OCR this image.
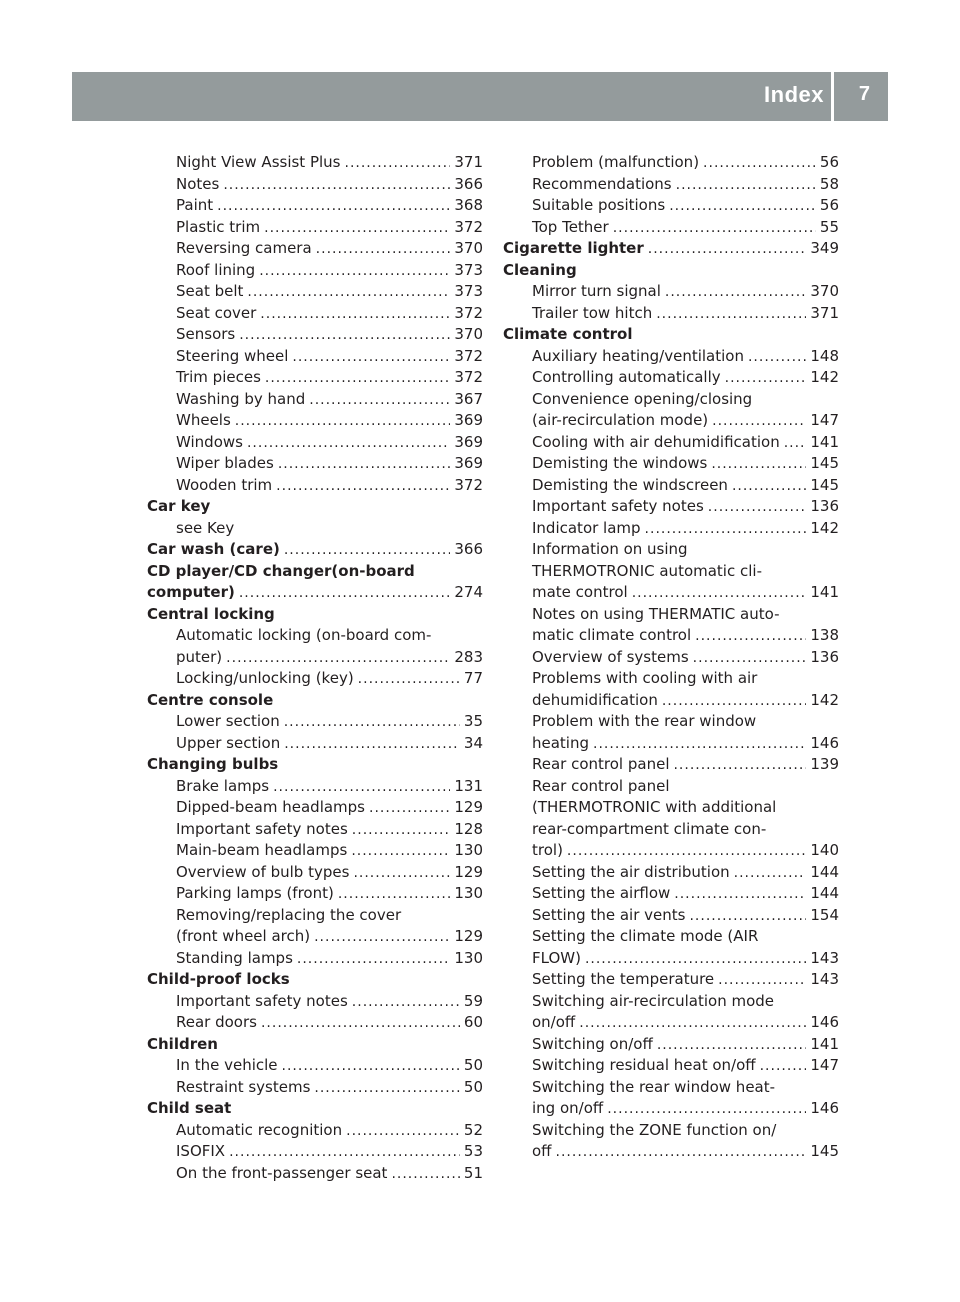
Index 7
Night View Assist Plus .....	371
Notes .....	366
Paint .....	368
Plastic trim .....	372
Reversing camera .....	370
Roof lining .....	373
Seat belt .....	373
Seat cover .....	372
Sensors .....	370
Steering wheel .....	372
Trim pieces .....	372
Washing by hand .....	367
Wheels .....	369
Windows .....	369
Wiper blades .....	369
Wooden trim .....	372
Car key
see Key
Car wash (care) .....	366
CD player/CD changer(on-board
computer) .....	274
Central locking
Automatic locking (on-board com-
puter) .....	283
Locking/unlocking (key) .....	77
Centre console
Lower section .....	35
Upper section .....	34
Changing bulbs
Brake lamps .....	131
Dipped-beam headlamps .....	129
Important safety notes .....	128
Main-beam headlamps .....	130
Overview of bulb types .....	129
Parking lamps (front) .....	130
Removing/replacing the cover
(front wheel arch) .....	129
Standing lamps .....	130
Child-proof locks
Important safety notes .....	59
Rear doors .....	60
Children
In the vehicle .....	50
Restraint systems .....	50
Child seat
Automatic recognition .....	52
ISOFIX .....	53
On the front-passenger seat .....	51
Problem (malfunction) .....	56
Recommendations .....	58
Suitable positions .....	56
Top Tether .....	55
Cigarette lighter .....	349
Cleaning
Mirror turn signal .....	370
Trailer tow hitch .....	371
Climate control
Auxiliary heating/ventilation .....	148
Controlling automatically .....	142
Convenience opening/closing
(air-recirculation mode) .....	147
Cooling with air dehumidification ..... 141
Demisting the windows .....	145
Demisting the windscreen .....	145
Important safety notes .....	136
Indicator lamp .....	142
Information on using
THERMOTRONIC automatic cli-
mate control .....	141
Notes on using THERMATIC auto-
matic climate control .....	138
Overview of systems .....	136
Problems with cooling with air
dehumidification .....	142
Problem with the rear window
heating .....	146
Rear control panel .....	139
Rear control panel
(THERMOTRONIC with additional
rear-compartment climate con-
trol) .....	140
Setting the air distribution .....	144
Setting the airflow .....	144
Setting the air vents .....	154
Setting the climate mode (AIR
FLOW) .....	143
Setting the temperature .....	143
Switching air-recirculation mode
on/off .....	146
Switching on/off .....	141
Switching residual heat on/off .....	147
Switching the rear window heat-
ing on/off .....	146
Switching the ZONE function on/
off .....	145
